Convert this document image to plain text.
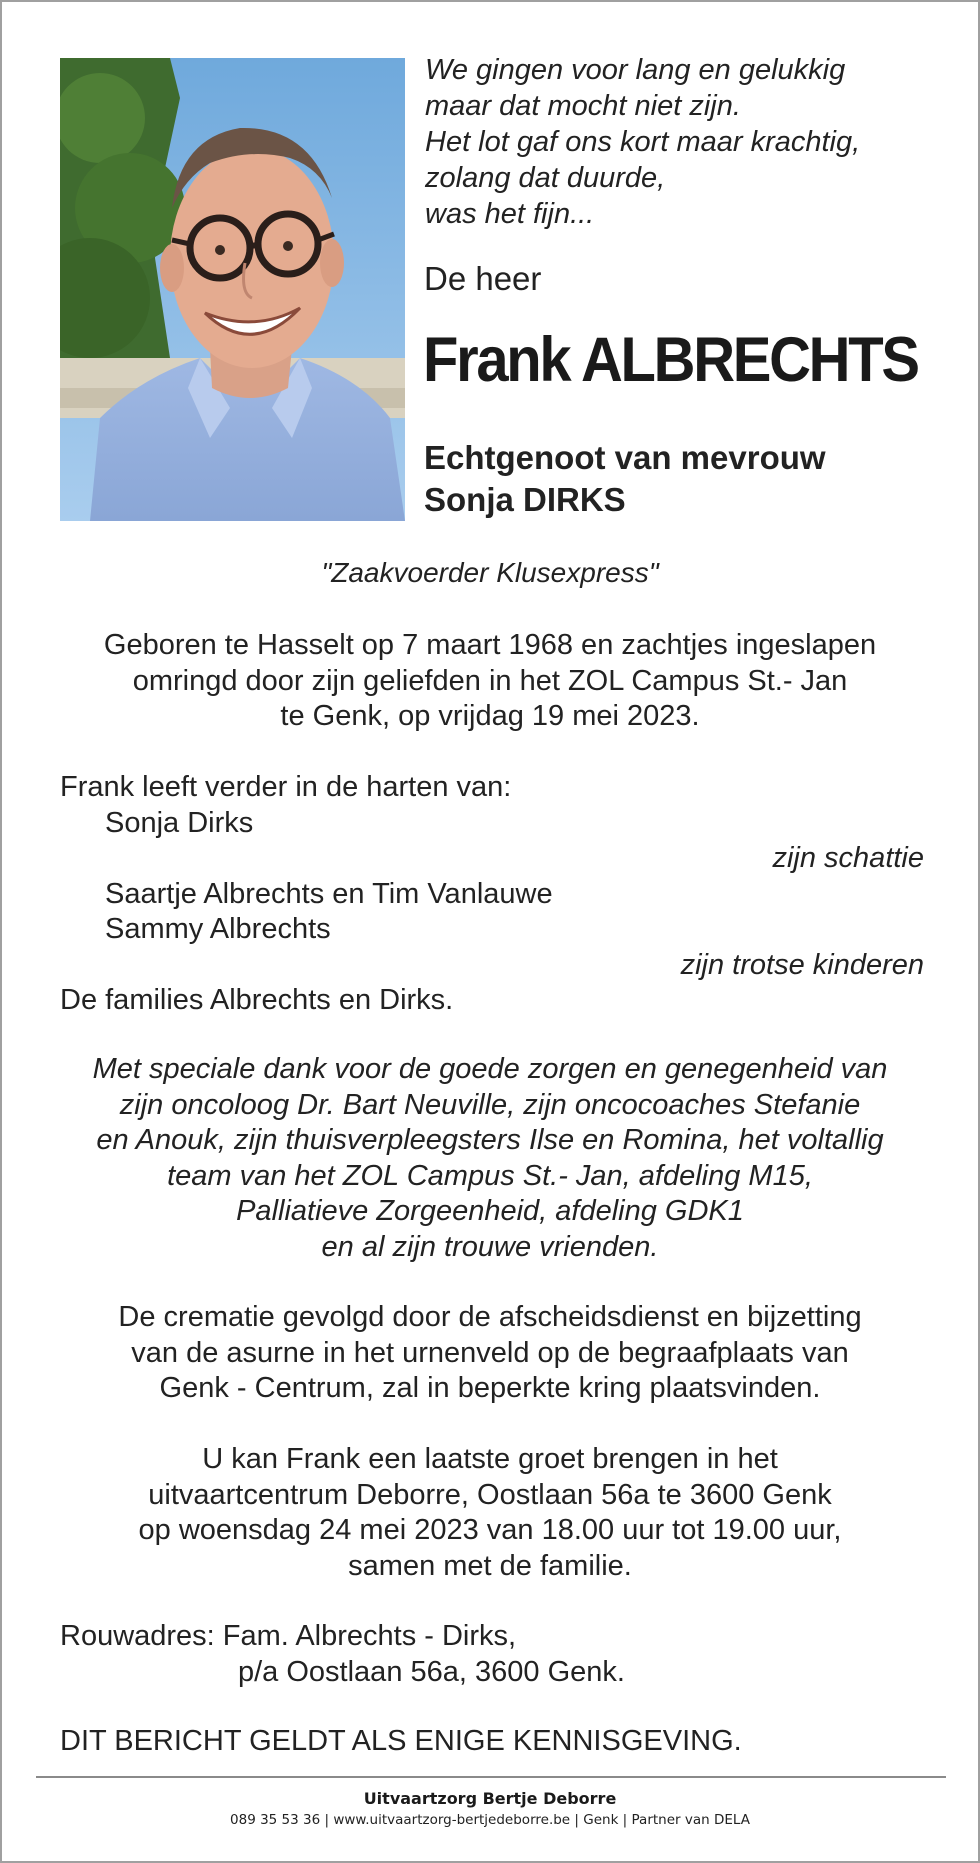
We gingen voor lang en gelukkig
maar dat mocht niet zijn.
Het lot gaf ons kort maar krachtig,
zolang dat duurde,
was het fijn...
De heer
Frank ALBRECHTS
Echtgenoot van mevrouw
Sonja DIRKS
"Zaakvoerder Klusexpress"
Geboren te Hasselt op 7 maart 1968 en zachtjes ingeslapen
omringd door zijn geliefden in het ZOL Campus St.- Jan
te Genk, op vrijdag 19 mei 2023.
Frank leeft verder in de harten van:
Sonja Dirks
zijn schattie
Saartje Albrechts en Tim Vanlauwe
Sammy Albrechts
zijn trotse kinderen
De families Albrechts en Dirks.
Met speciale dank voor de goede zorgen en genegenheid van
zijn oncoloog Dr. Bart Neuville, zijn oncocoaches Stefanie
en Anouk, zijn thuisverpleegsters Ilse en Romina, het voltallig
team van het ZOL Campus St.- Jan, afdeling M15,
Palliatieve Zorgeenheid, afdeling GDK1
en al zijn trouwe vrienden.
De crematie gevolgd door de afscheidsdienst en bijzetting
van de asurne in het urnenveld op de begraafplaats van
Genk - Centrum, zal in beperkte kring plaatsvinden.
U kan Frank een laatste groet brengen in het
uitvaartcentrum Deborre, Oostlaan 56a te 3600 Genk
op woensdag 24 mei 2023 van 18.00 uur tot 19.00 uur,
samen met de familie.
Rouwadres: Fam. Albrechts - Dirks,
p/a Oostlaan 56a, 3600 Genk.
DIT BERICHT GELDT ALS ENIGE KENNISGEVING.
Uitvaartzorg Bertje Deborre
089 35 53 36 | www.uitvaartzorg-bertjedeborre.be | Genk | Partner van DELA
